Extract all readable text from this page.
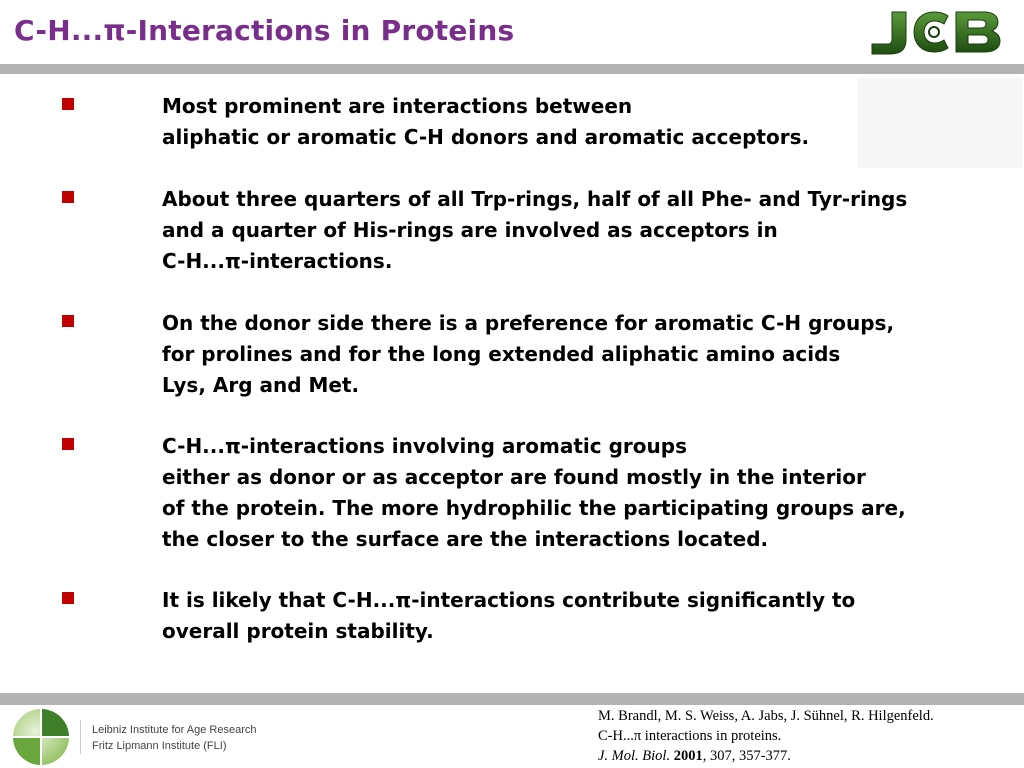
C-H...π-Interactions in Proteins
Most prominent are interactions between
aliphatic or aromatic C-H donors and aromatic acceptors.
About three quarters of all Trp-rings, half of all Phe- and Tyr-rings
and a quarter of His-rings are involved as acceptors in
C-H...π-interactions.
On the donor side there is a preference for aromatic C-H groups,
for prolines and for the long extended aliphatic amino acids
Lys, Arg and Met.
C-H...π-interactions involving aromatic groups
either as donor or as acceptor are found mostly in the interior
of the protein. The more hydrophilic the participating groups are,
the closer to the surface are the interactions located.
It is likely that C-H...π-interactions contribute significantly to
overall protein stability.
Leibniz Institute for Age Research
Fritz Lipmann Institute (FLI)
M. Brandl, M. S. Weiss, A. Jabs, J. Sühnel, R. Hilgenfeld.
C-H...π interactions in proteins.
J. Mol. Biol. 2001, 307, 357-377.
